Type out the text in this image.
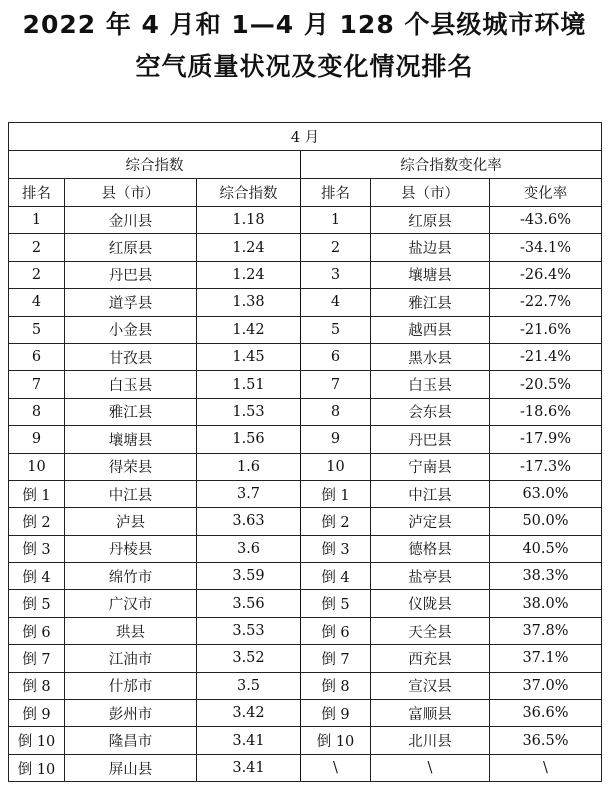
2022 年 4 月和 1—4 月 128 个县级城市环境
空气质量状况及变化情况排名
4 月					
综合指数			综合指数变化率		
排名	县（市）	综合指数	排名	县（市）	变化率
1	金川县	1.18	1	红原县	-43.6%
2	红原县	1.24	2	盐边县	-34.1%
2	丹巴县	1.24	3	壤塘县	-26.4%
4	道孚县	1.38	4	雅江县	-22.7%
5	小金县	1.42	5	越西县	-21.6%
6	甘孜县	1.45	6	黑水县	-21.4%
7	白玉县	1.51	7	白玉县	-20.5%
8	雅江县	1.53	8	会东县	-18.6%
9	壤塘县	1.56	9	丹巴县	-17.9%
10	得荣县	1.6	10	宁南县	-17.3%
倒 1	中江县	3.7	倒 1	中江县	63.0%
倒 2	泸县	3.63	倒 2	泸定县	50.0%
倒 3	丹棱县	3.6	倒 3	德格县	40.5%
倒 4	绵竹市	3.59	倒 4	盐亭县	38.3%
倒 5	广汉市	3.56	倒 5	仪陇县	38.0%
倒 6	珙县	3.53	倒 6	天全县	37.8%
倒 7	江油市	3.52	倒 7	西充县	37.1%
倒 8	什邡市	3.5	倒 8	宣汉县	37.0%
倒 9	彭州市	3.42	倒 9	富顺县	36.6%
倒 10	隆昌市	3.41	倒 10	北川县	36.5%
倒 10	屏山县	3.41	\	\	\
